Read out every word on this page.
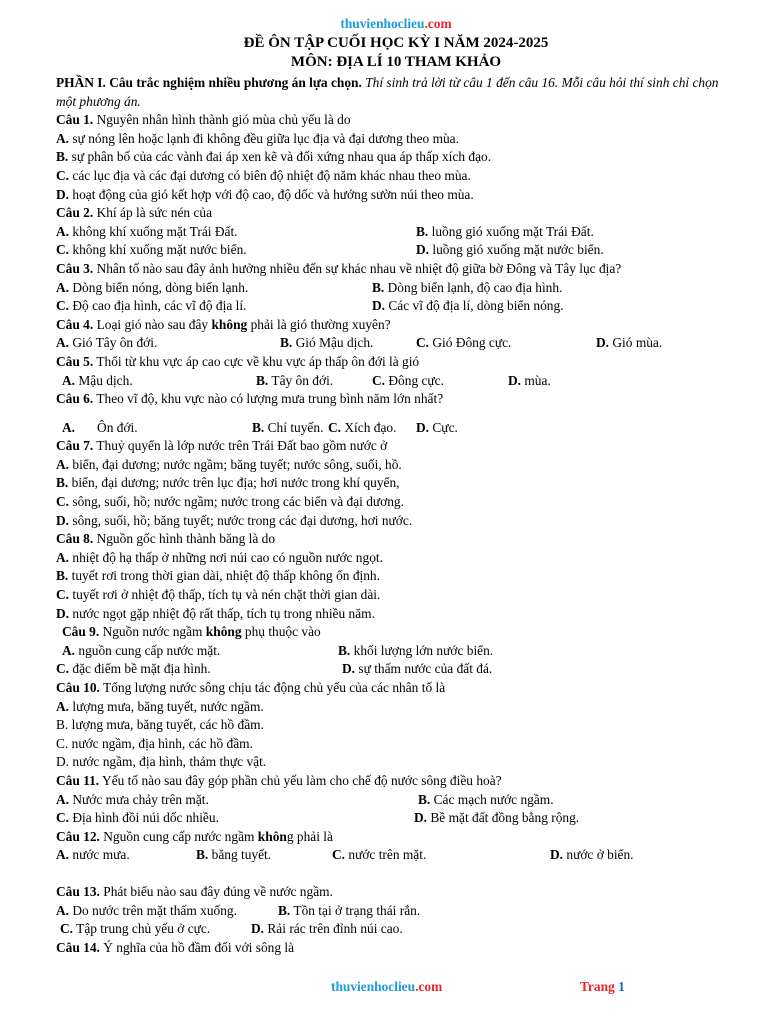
thuvienhoclieu.com
ĐỀ ÔN TẬP CUỐI HỌC KỲ I NĂM 2024-2025
MÔN: ĐỊA LÍ 10 THAM KHẢO
PHẦN I. Câu trắc nghiệm nhiều phương án lựa chọn. Thí sinh trả lời từ câu 1 đến câu 16. Mỗi câu hỏi thí sinh chỉ chọn một phương án.
Câu 1. Nguyên nhân hình thành gió mùa chủ yếu là do
A. sự nóng lên hoặc lạnh đi không đều giữa lục địa và đại dương theo mùa.
B. sự phân bố của các vành đai áp xen kẽ và đối xứng nhau qua áp thấp xích đạo.
C. các lục địa và các đại dương có biên độ nhiệt độ năm khác nhau theo mùa.
D. hoạt động của gió kết hợp với độ cao, độ dốc và hướng sườn núi theo mùa.
Câu 2. Khí áp là sức nén của
A. không khí xuống mặt Trái Đất.	B. luồng gió xuống mặt Trái Đất.
C. không khí xuống mặt nước biển.	D. luồng gió xuống mặt nước biển.
Câu 3. Nhân tố nào sau đây ảnh hưởng nhiều đến sự khác nhau về nhiệt độ giữa bờ Đông và Tây lục địa?
A. Dòng biển nóng, dòng biển lạnh.	B. Dòng biển lạnh, độ cao địa hình.
C. Độ cao địa hình, các vĩ độ địa lí.	D. Các vĩ độ địa lí, dòng biển nóng.
Câu 4. Loại gió nào sau đây không phải là gió thường xuyên?
A. Gió Tây ôn đới.	B. Gió Mậu dịch.	C. Gió Đông cực.	D. Gió mùa.
Câu 5. Thổi từ khu vực áp cao cực về khu vực áp thấp ôn đới là gió
A. Mậu dịch.	B. Tây ôn đới.	C. Đông cực.	D. mùa.
Câu 6. Theo vĩ độ, khu vực nào có lượng mưa trung bình năm lớn nhất?
A. Ôn đới.	B. Chí tuyến. C. Xích đạo.	D. Cực.
Câu 7. Thuỷ quyển là lớp nước trên Trái Đất bao gồm nước ở
A. biển, đại dương; nước ngầm; băng tuyết; nước sông, suối, hồ.
B. biển, đại dương; nước trên lục địa; hơi nước trong khí quyển,
C. sông, suối, hồ; nước ngầm; nước trong các biển và đại dương.
D. sông, suối, hồ; băng tuyết; nước trong các đại dương, hơi nước.
Câu 8. Nguồn gốc hình thành băng là do
A. nhiệt độ hạ thấp ở những nơi núi cao có nguồn nước ngọt.
B. tuyết rơi trong thời gian dài, nhiệt độ thấp không ổn định.
C. tuyết rơi ở nhiệt độ thấp, tích tụ và nén chặt thời gian dài.
D. nước ngọt gặp nhiệt độ rất thấp, tích tụ trong nhiều năm.
Câu 9. Nguồn nước ngầm không phụ thuộc vào
A. nguồn cung cấp nước mặt.	B. khối lượng lớn nước biển.
C. đặc điểm bề mặt địa hình.	D. sự thấm nước của đất đá.
Câu 10. Tổng lượng nước sông chịu tác động chủ yếu của các nhân tố là
A. lượng mưa, băng tuyết, nước ngầm.
B. lượng mưa, băng tuyết, các hồ đầm.
C. nước ngầm, địa hình, các hồ đầm.
D. nước ngầm, địa hình, thảm thực vật.
Câu 11. Yếu tố nào sau đây góp phần chủ yếu làm cho chế độ nước sông điều hoà?
A. Nước mưa chảy trên mặt.	B. Các mạch nước ngầm.
C. Địa hình đồi núi dốc nhiều.	D. Bề mặt đất đồng bằng rộng.
Câu 12. Nguồn cung cấp nước ngầm không phải là
A. nước mưa.	B. băng tuyết.	C. nước trên mặt.	D. nước ở biển.
Câu 13. Phát biểu nào sau đây đúng về nước ngầm.
A. Do nước trên mặt thấm xuống.	B. Tồn tại ở trạng thái rắn.
C. Tập trung chủ yếu ở cực.	D. Rải rác trên đỉnh núi cao.
Câu 14. Ý nghĩa của hồ đầm đối với sông là
thuvienhoclieu.com	Trang 1
